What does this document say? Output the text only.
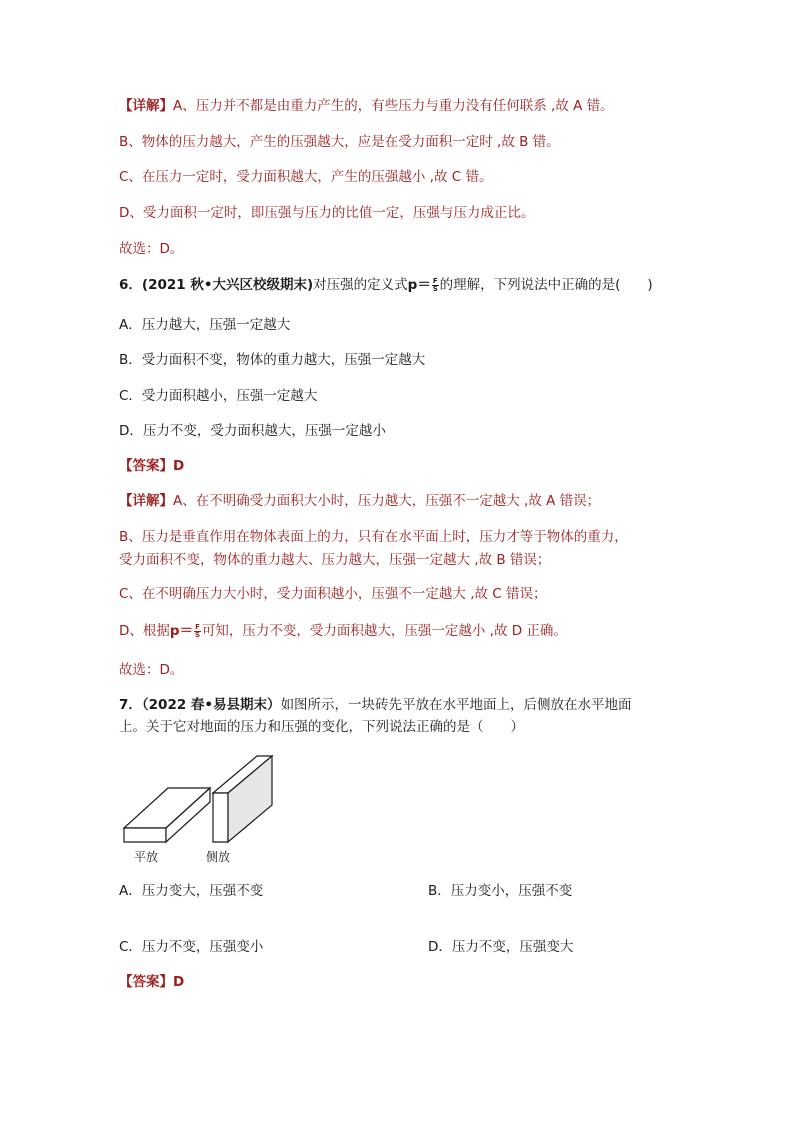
【详解】A、压力并不都是由重力产生的，有些压力与重力没有任何联系 ,故 A 错。
B、物体的压力越大，产生的压强越大，应是在受力面积一定时 ,故 B 错。
C、在压力一定时，受力面积越大，产生的压强越小 ,故 C 错。
D、受力面积一定时，即压强与压力的比值一定，压强与压力成正比。
故选：D。
6．(2021 秋•大兴区校级期末)对压强的定义式$p= \frac{F}{S}$ 的理解，下列说法中正确的是(　　)
A．压力越大，压强一定越大
B．受力面积不变，物体的重力越大，压强一定越大
C．受力面积越小，压强一定越大
D．压力不变，受力面积越大，压强一定越小
【答案】D
【详解】A、在不明确受力面积大小时，压力越大，压强不一定越大 ,故 A 错误；
B、压力是垂直作用在物体表面上的力，只有在水平面上时，压力才等于物体的重力，
受力面积不变，物体的重力越大、压力越大，压强一定越大 ,故 B 错误；
C、在不明确压力大小时，受力面积越小，压强不一定越大 ,故 C 错误；
D、根据$p= \frac{F}{S}$ 可知，压力不变，受力面积越大，压强一定越小 ,故 D 正确。
故选：D。
7．（2022 春•易县期末）如图所示，一块砖先平放在水平地面上，后侧放在水平地面
上。关于它对地面的压力和压强的变化，下列说法正确的是（　　）
平放	侧放
A．压力变大，压强不变	B．压力变小，压强不变
C．压力不变，压强变小	D．压力不变，压强变大
【答案】D
